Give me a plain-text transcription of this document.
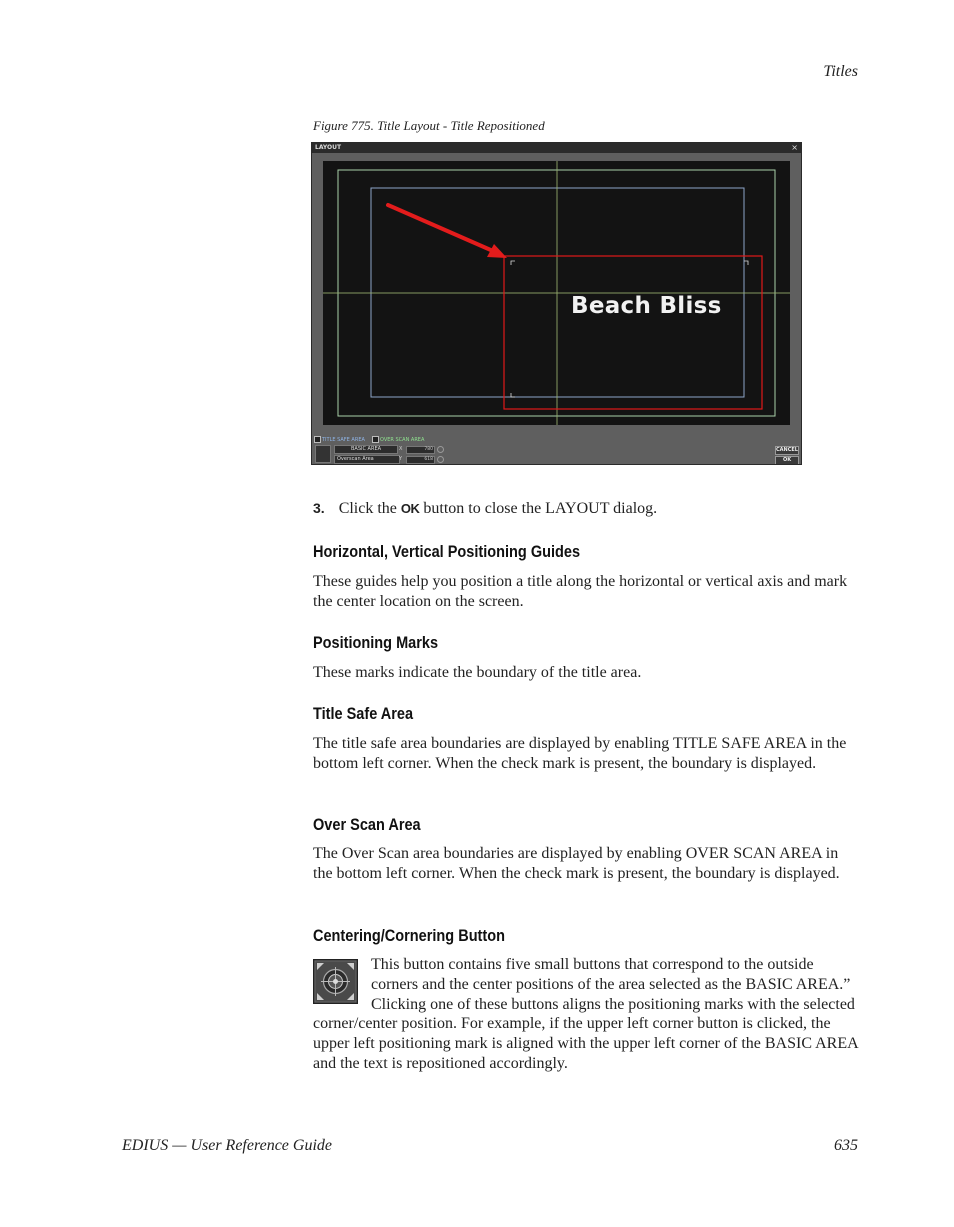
Titles
Figure 775. Title Layout - Title Repositioned
LAYOUT	×
Beach Bliss
TITLE SAFE AREA	OVER SCAN AREA
BASIC AREA
Overscan Area
X
Y
780
618
CANCEL
OK
3. Click the OK button to close the LAYOUT dialog.
Horizontal, Vertical Positioning Guides
These guides help you position a title along the horizontal or vertical axis and mark the center location on the screen.
Positioning Marks
These marks indicate the boundary of the title area.
Title Safe Area
The title safe area boundaries are displayed by enabling TITLE SAFE AREA in the bottom left corner. When the check mark is present, the boundary is displayed.
Over Scan Area
The Over Scan area boundaries are displayed by enabling OVER SCAN AREA in the bottom left corner. When the check mark is present, the boundary is displayed.
Centering/Cornering Button
This button contains five small buttons that correspond to the outside corners and the center positions of the area selected as the BASIC AREA.” Clicking one of these buttons aligns the positioning marks with the selected corner/center position. For example, if the upper left corner button is clicked, the upper left positioning mark is aligned with the upper left corner of the BASIC AREA and the text is repositioned accordingly.
EDIUS — User Reference Guide	635
